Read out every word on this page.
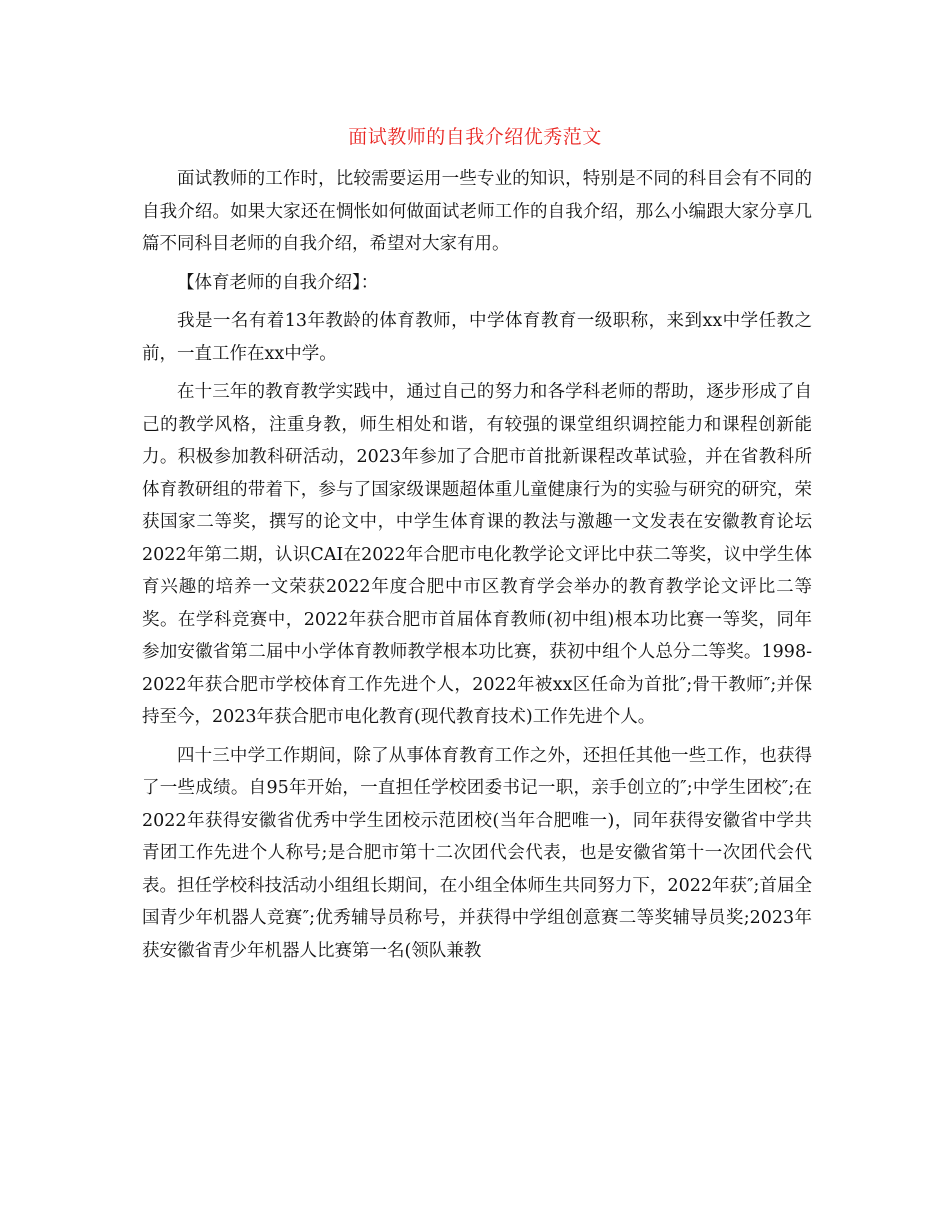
面试教师的自我介绍优秀范文

面试教师的工作时，比较需要运用一些专业的知识，特别是不同的科目会有不同的自我介绍。如果大家还在惆怅如何做面试老师工作的自我介绍，那么小编跟大家分享几篇不同科目老师的自我介绍，希望对大家有用。

【体育老师的自我介绍】：

我是一名有着13年教龄的体育教师，中学体育教育一级职称，来到xx中学任教之前，一直工作在xx中学。

在十三年的教育教学实践中，通过自己的努力和各学科老师的帮助，逐步形成了自己的教学风格，注重身教，师生相处和谐，有较强的课堂组织调控能力和课程创新能力。积极参加教科研活动，2023年参加了合肥市首批新课程改革试验，并在省教科所体育教研组的带着下，参与了国家级课题超体重儿童健康行为的实验与研究的研究，荣获国家二等奖，撰写的论文中，中学生体育课的教法与激趣一文发表在安徽教育论坛2022年第二期，认识CAI在2022年合肥市电化教学论文评比中获二等奖，议中学生体育兴趣的培养一文荣获2022年度合肥中市区教育学会举办的教育教学论文评比二等奖。在学科竞赛中，2022年获合肥市首届体育教师(初中组)根本功比赛一等奖，同年参加安徽省第二届中小学体育教师教学根本功比赛，获初中组个人总分二等奖。1998-2022年获合肥市学校体育工作先进个人，2022年被xx区任命为首批″;骨干教师″;并保持至今，2023年获合肥市电化教育(现代教育技术)工作先进个人。

四十三中学工作期间，除了从事体育教育工作之外，还担任其他一些工作，也获得了一些成绩。自95年开始，一直担任学校团委书记一职，亲手创立的″;中学生团校″;在2022年获得安徽省优秀中学生团校示范团校(当年合肥唯一)，同年获得安徽省中学共青团工作先进个人称号;是合肥市第十二次团代会代表，也是安徽省第十一次团代会代表。担任学校科技活动小组组长期间，在小组全体师生共同努力下，2022年获″;首届全国青少年机器人竞赛″;优秀辅导员称号，并获得中学组创意赛二等奖辅导员奖;2023年获安徽省青少年机器人比赛第一名(领队兼教
